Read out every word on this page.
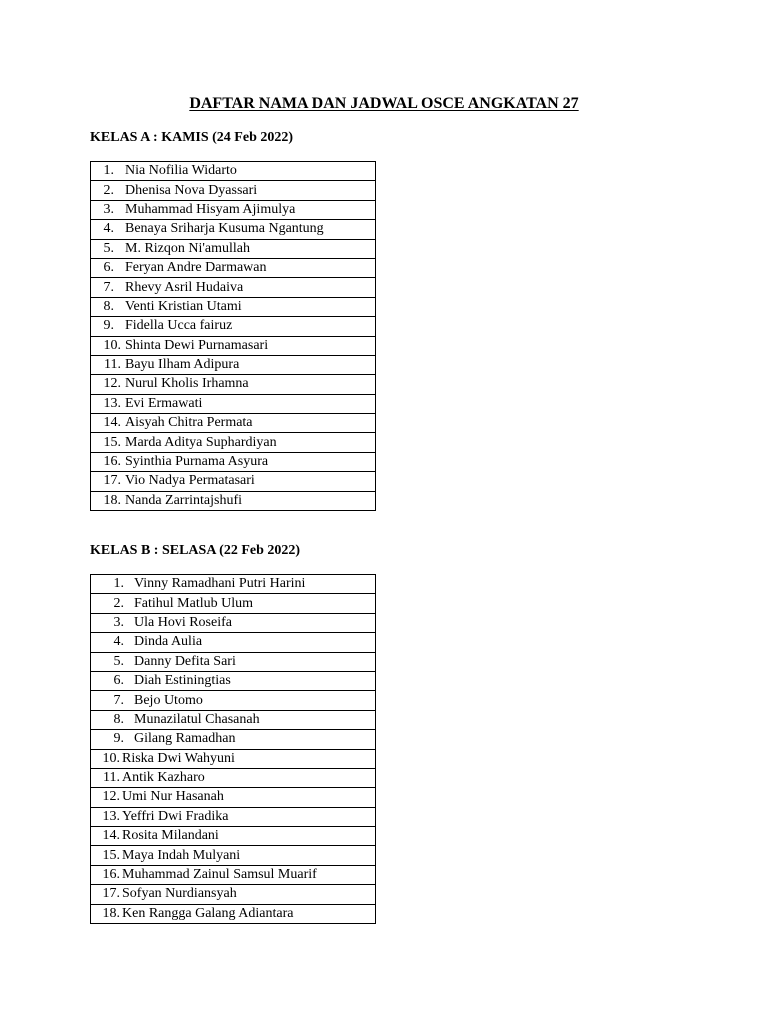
DAFTAR NAMA DAN JADWAL OSCE ANGKATAN 27
KELAS A : KAMIS (24 Feb 2022)
1. Nia Nofilia Widarto
2. Dhenisa Nova Dyassari
3. Muhammad Hisyam Ajimulya
4. Benaya Sriharja Kusuma Ngantung
5. M. Rizqon Ni'amullah
6. Feryan Andre Darmawan
7. Rhevy Asril Hudaiva
8. Venti Kristian Utami
9. Fidella Ucca fairuz
10. Shinta Dewi Purnamasari
11. Bayu Ilham Adipura
12. Nurul Kholis Irhamna
13. Evi Ermawati
14. Aisyah Chitra Permata
15. Marda Aditya Suphardiyan
16. Syinthia Purnama Asyura
17. Vio Nadya Permatasari
18. Nanda Zarrintajshufi
KELAS B : SELASA (22 Feb 2022)
1. Vinny Ramadhani Putri Harini
2. Fatihul Matlub Ulum
3. Ula Hovi Roseifa
4. Dinda Aulia
5. Danny Defita Sari
6. Diah Estiningtias
7. Bejo Utomo
8. Munazilatul Chasanah
9. Gilang Ramadhan
10. Riska Dwi Wahyuni
11. Antik Kazharo
12. Umi Nur Hasanah
13. Yeffri Dwi Fradika
14. Rosita Milandani
15. Maya Indah Mulyani
16. Muhammad Zainul Samsul Muarif
17. Sofyan Nurdiansyah
18. Ken Rangga Galang Adiantara
